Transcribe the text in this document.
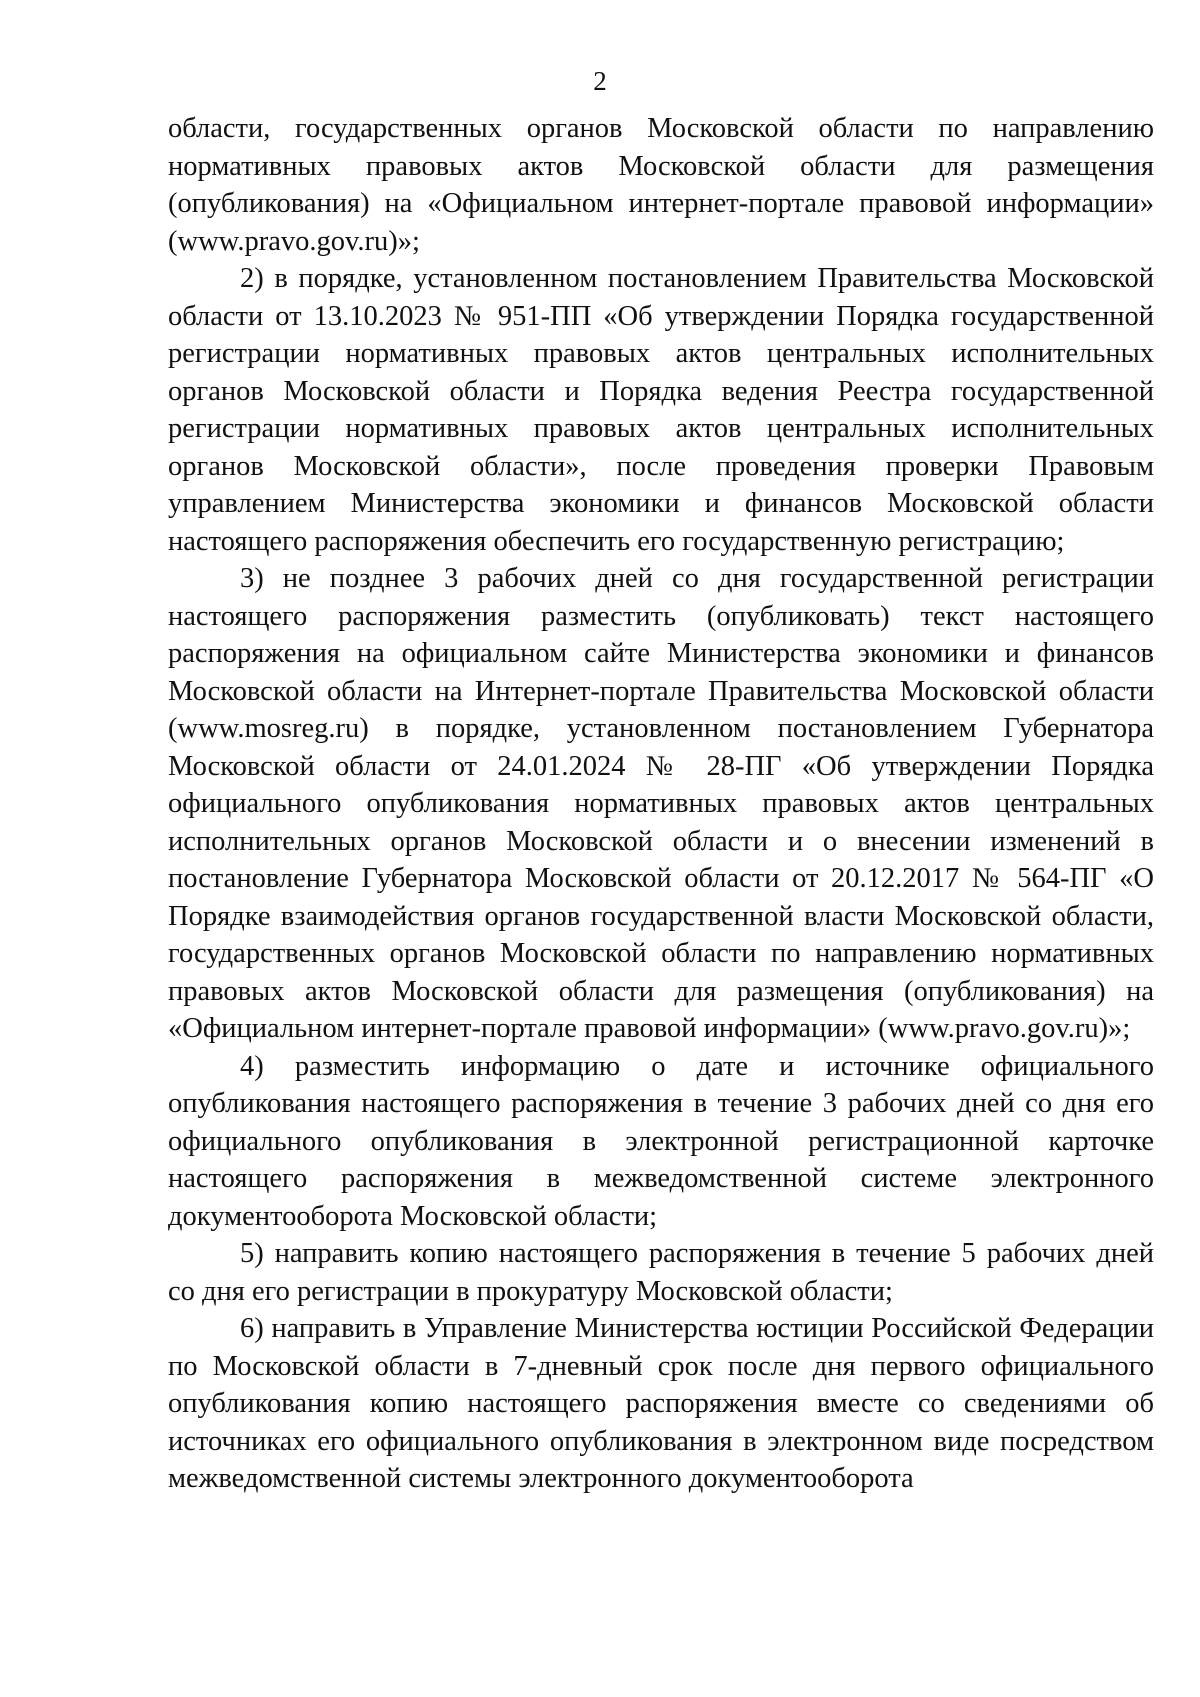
2

области, государственных органов Московской области по направлению нормативных правовых актов Московской области для размещения (опубликования) на «Официальном интернет-портале правовой информации» (www.pravo.gov.ru)»;

2) в порядке, установленном постановлением Правительства Московской области от 13.10.2023 № 951-ПП «Об утверждении Порядка государственной регистрации нормативных правовых актов центральных исполнительных органов Московской области и Порядка ведения Реестра государственной регистрации нормативных правовых актов центральных исполнительных органов Московской области», после проведения проверки Правовым управлением Министерства экономики и финансов Московской области настоящего распоряжения обеспечить его государственную регистрацию;

3) не позднее 3 рабочих дней со дня государственной регистрации настоящего распоряжения разместить (опубликовать) текст настоящего распоряжения на официальном сайте Министерства экономики и финансов Московской области на Интернет-портале Правительства Московской области (www.mosreg.ru) в порядке, установленном постановлением Губернатора Московской области от 24.01.2024 № 28-ПГ «Об утверждении Порядка официального опубликования нормативных правовых актов центральных исполнительных органов Московской области и о внесении изменений в постановление Губернатора Московской области от 20.12.2017 № 564-ПГ «О Порядке взаимодействия органов государственной власти Московской области, государственных органов Московской области по направлению нормативных правовых актов Московской области для размещения (опубликования) на «Официальном интернет-портале правовой информации» (www.pravo.gov.ru)»;

4) разместить информацию о дате и источнике официального опубликования настоящего распоряжения в течение 3 рабочих дней со дня его официального опубликования в электронной регистрационной карточке настоящего распоряжения в межведомственной системе электронного документооборота Московской области;

5) направить копию настоящего распоряжения в течение 5 рабочих дней со дня его регистрации в прокуратуру Московской области;

6) направить в Управление Министерства юстиции Российской Федерации по Московской области в 7-дневный срок после дня первого официального опубликования копию настоящего распоряжения вместе со сведениями об источниках его официального опубликования в электронном виде посредством межведомственной системы электронного документооборота
